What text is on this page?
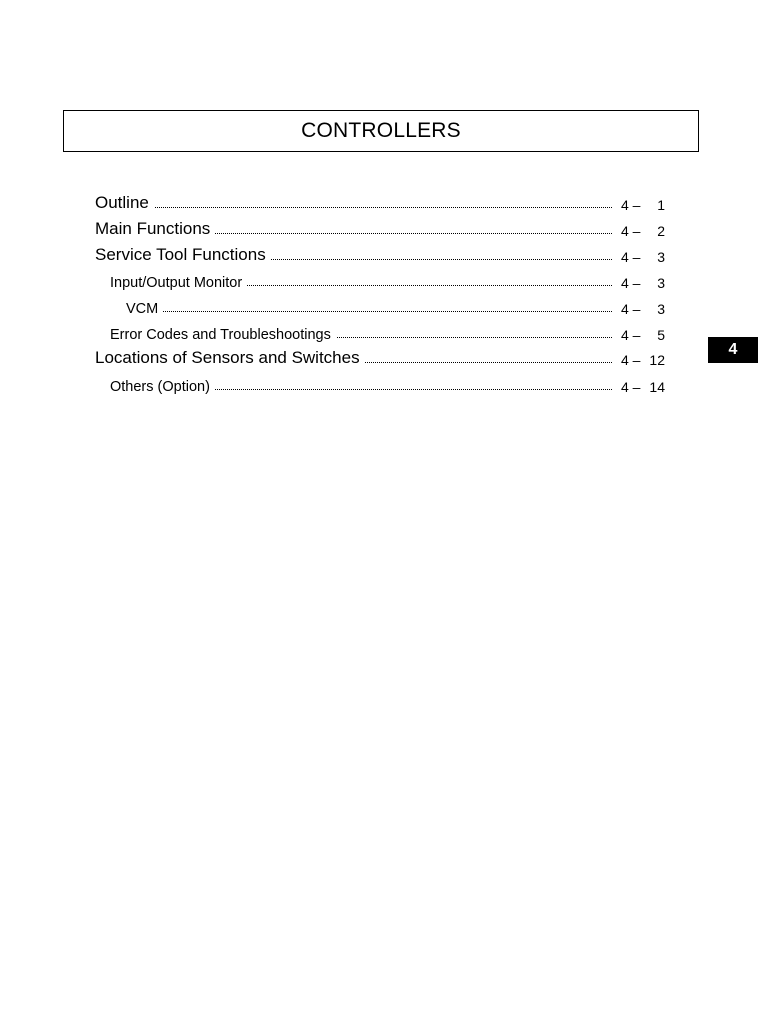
CONTROLLERS
Outline	4 – 1
Main Functions	4 – 2
Service Tool Functions	4 – 3
Input/Output Monitor	4 – 3
VCM	4 – 3
Error Codes and Troubleshootings	4 – 5
Locations of Sensors and Switches	4 – 12
Others (Option)	4 – 14
4
